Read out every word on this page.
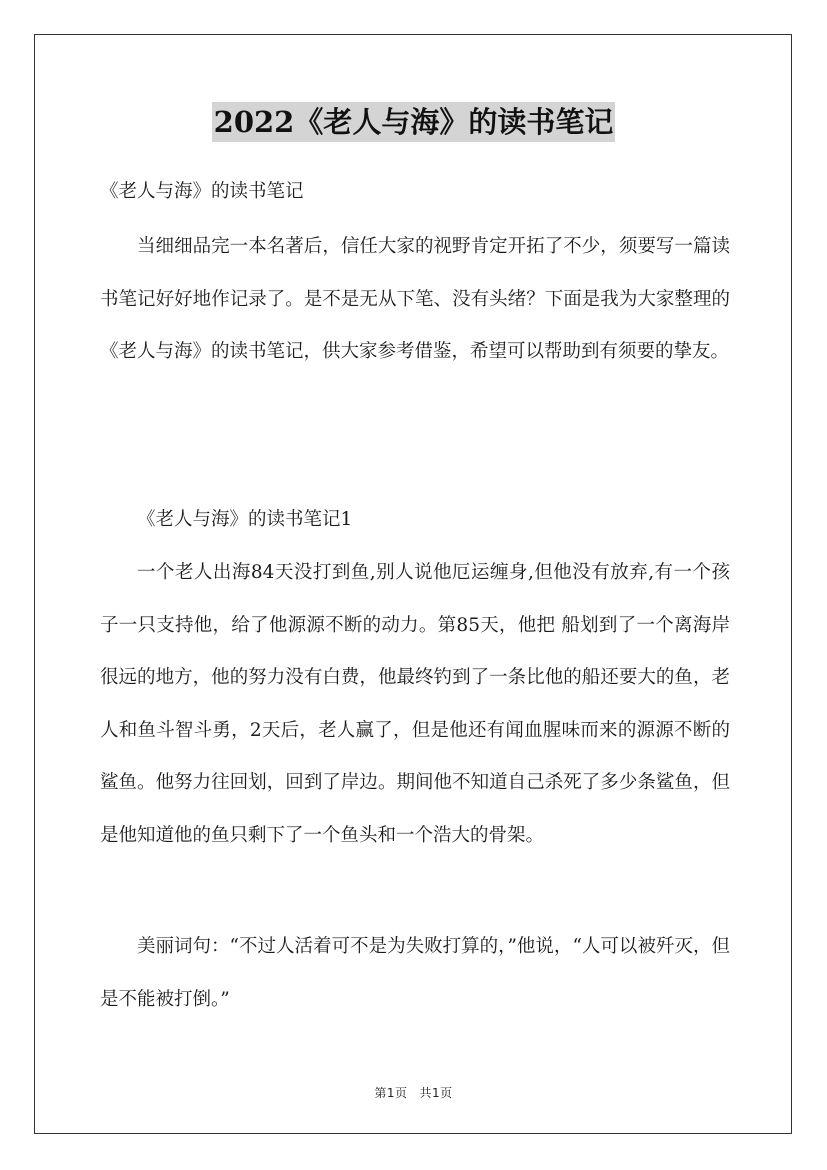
2022《老人与海》的读书笔记

《老人与海》的读书笔记

当细细品完一本名著后，信任大家的视野肯定开拓了不少，须要写一篇读书笔记好好地作记录了。是不是无从下笔、没有头绪？下面是我为大家整理的《老人与海》的读书笔记，供大家参考借鉴，希望可以帮助到有须要的挚友。

《老人与海》的读书笔记1

一个老人出海84天没打到鱼,别人说他厄运缠身,但他没有放弃,有一个孩子一只支持他，给了他源源不断的动力。第85天，他把 船划到了一个离海岸很远的地方，他的努力没有白费，他最终钓到了一条比他的船还要大的鱼，老人和鱼斗智斗勇，2天后，老人赢了，但是他还有闻血腥味而来的源源不断的鲨鱼。他努力往回划，回到了岸边。期间他不知道自己杀死了多少条鲨鱼，但是他知道他的鱼只剩下了一个鱼头和一个浩大的骨架。

美丽词句：“不过人活着可不是为失败打算的，”他说，“人可以被歼灭，但是不能被打倒。”

第1页 共1页
